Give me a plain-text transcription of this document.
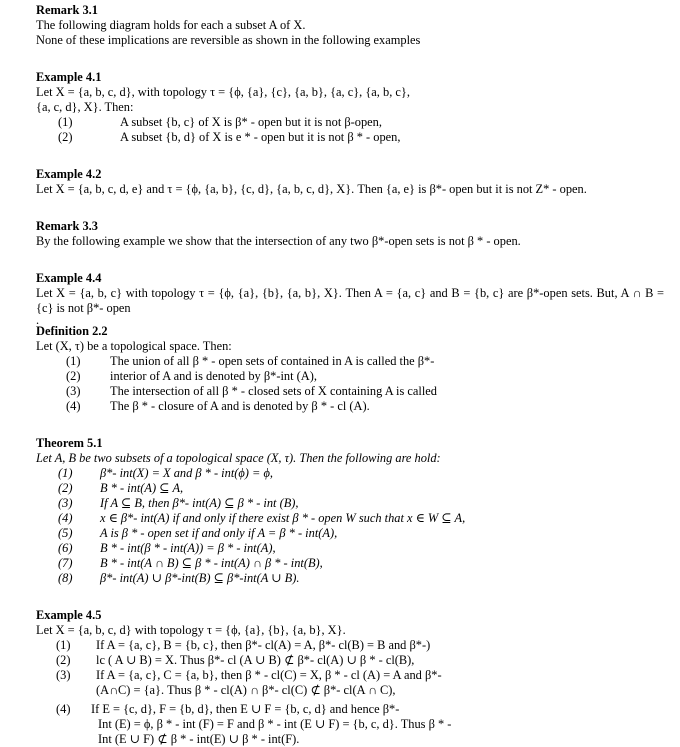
Remark 3.1
The following diagram holds for each a subset A of X.
None of these implications are reversible as shown in the following examples
Example 4.1
Let X = {a, b, c, d}, with topology τ = {ϕ, {a}, {c}, {a, b}, {a, c}, {a, b, c},
{a, c, d}, X}. Then:
(1)	A subset {b, c} of X is β* - open but it is not β-open,
(2)	A subset {b, d} of X is e * - open but it is not β * - open,
Example 4.2
Let X = {a, b, c, d, e} and τ = {ϕ, {a, b}, {c, d}, {a, b, c, d}, X}. Then {a, e} is β*- open but it is not Z* - open.
Remark 3.3
By the following example we show that the intersection of any two β*-open sets is not β * - open.
Example 4.4
Let X = {a, b, c} with topology τ = {ϕ, {a}, {b}, {a, b}, X}. Then A = {a, c} and B = {b, c} are β*-open sets. But, A ∩ B = {c} is not β*- open
.
Definition 2.2
Let (X, τ) be a topological space. Then:
(1)	The union of all β * - open sets of contained in A is called the β*-
(2)	interior of A and is denoted by β*-int (A),
(3)	The intersection of all β * - closed sets of X containing A is called
(4)	The β * - closure of A and is denoted by β * - cl (A).
Theorem 5.1
Let A, B be two subsets of a topological space (X, τ). Then the following are hold:
(1)	β*- int(X) = X and β * - int(ϕ) = ϕ,
(2)	B * - int(A) ⊆ A,
(3)	If A ⊆ B, then β*- int(A) ⊆ β * - int (B),
(4)	x ∈ β*- int(A) if and only if there exist β * - open W such that x ∈ W ⊆ A,
(5)	A is β * - open set if and only if A = β * - int(A),
(6)	B * - int(β * - int(A)) = β * - int(A),
(7)	B * - int(A ∩ B) ⊆ β * - int(A) ∩ β * - int(B),
(8)	β*- int(A) ∪ β*-int(B) ⊆ β*-int(A ∪ B).
Example 4.5
Let X = {a, b, c, d} with topology τ = {ϕ, {a}, {b}, {a, b}, X}.
(1)	If A = {a, c}, B = {b, c}, then β*- cl(A) = A, β*- cl(B) = B and β*-)
(2)	lc ( A ∪ B) = X. Thus β*- cl (A ∪ B) ⊄ β*- cl(A) ∪ β * - cl(B),
(3)	If A = {a, c}, C = {a, b}, then β * - cl(C) = X, β * - cl (A) = A and β*-
(A∩C) = {a}. Thus β * - cl(A) ∩ β*- cl(C) ⊄ β*- cl(A ∩ C),
(4)	If E = {c, d}, F = {b, d}, then E ∪ F = {b, c, d} and hence β*-
Int (E) = ϕ, β * - int (F) = F and β * - int (E ∪ F) = {b, c, d}. Thus β * -
Int (E ∪ F) ⊄ β * - int(E) ∪ β * - int(F).
